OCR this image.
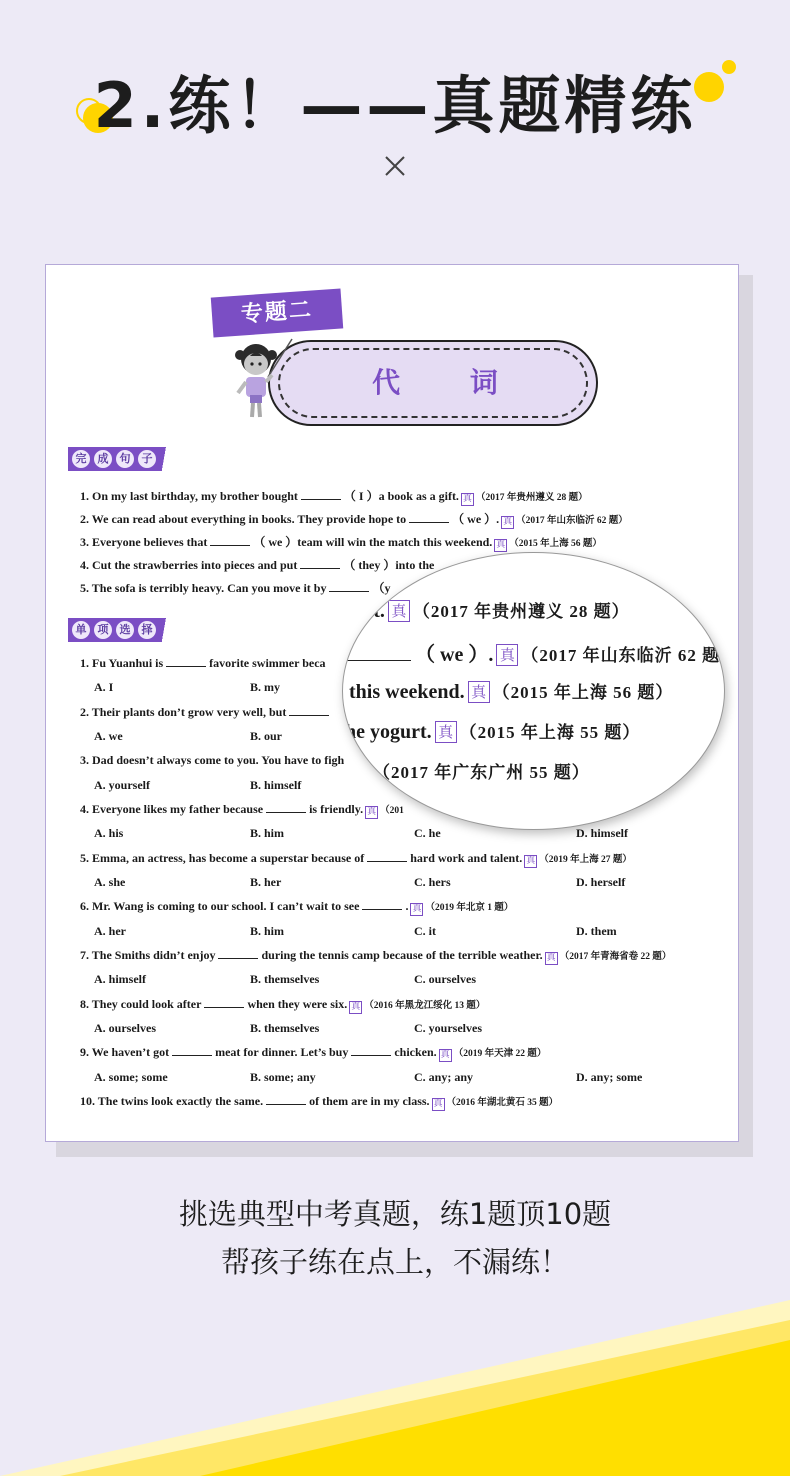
2.练！——真题精练
专题二
代 词
完	成	句	子
1. On my last birthday, my brother bought	（ I ）a book as a gift. 真 （2017 年贵州遵义 28 题）
2. We can read about everything in books. They provide hope to	（ we ）. 真 （2017 年山东临沂 62 题）
3. Everyone believes that	（ we ）team will win the match this weekend. 真 （2015 年上海 56 题）
4. Cut the strawberries into pieces and put	（ they ）into the
5. The sofa is terribly heavy. Can you move it by	（y
单	项	选	择
1. Fu Yuanhui is	favorite swimmer beca
A. I	B. my
2. Their plants don’t grow very well, but
A. we	B. our
3. Dad doesn’t always come to you. You have to figh
A. yourself	B. himself
4. Everyone likes my father because	is friendly. 真 （201
A. his	B. him	C. he	D. himself
5. Emma, an actress, has become a superstar because of	hard work and talent. 真 （2019 年上海 27 题）
A. she	B. her	C. hers	D. herself
6. Mr. Wang is coming to our school. I can’t wait to see	. 真 （2019 年北京 1 题）
A. her	B. him	C. it	D. them
7. The Smiths didn’t enjoy	during the tennis camp because of the terrible weather. 真 （2017 年青海省卷 22 题）
A. himself	B. themselves	C. ourselves
8. They could look after	when they were six. 真 （2016 年黑龙江绥化 13 题）
A. ourselves	B. themselves	C. yourselves
9. We haven’t got	meat for dinner. Let’s buy	chicken. 真 （2019 年天津 22 题）
A. some; some	B. some; any	C. any; any	D. any; some
10. The twins look exactly the same.	of them are in my class. 真 （2016 年湖北黄石 35 题）
gift. 真 （2017 年贵州遵义 28 题）
（ we ）. 真 （2017 年山东临沂 62 题
this weekend. 真 （2015 年上海 56 题）
he yogurt. 真 （2015 年上海 55 题）
（2017 年广东广州 55 题）
挑选典型中考真题，练1题顶10题
帮孩子练在点上，不漏练！
